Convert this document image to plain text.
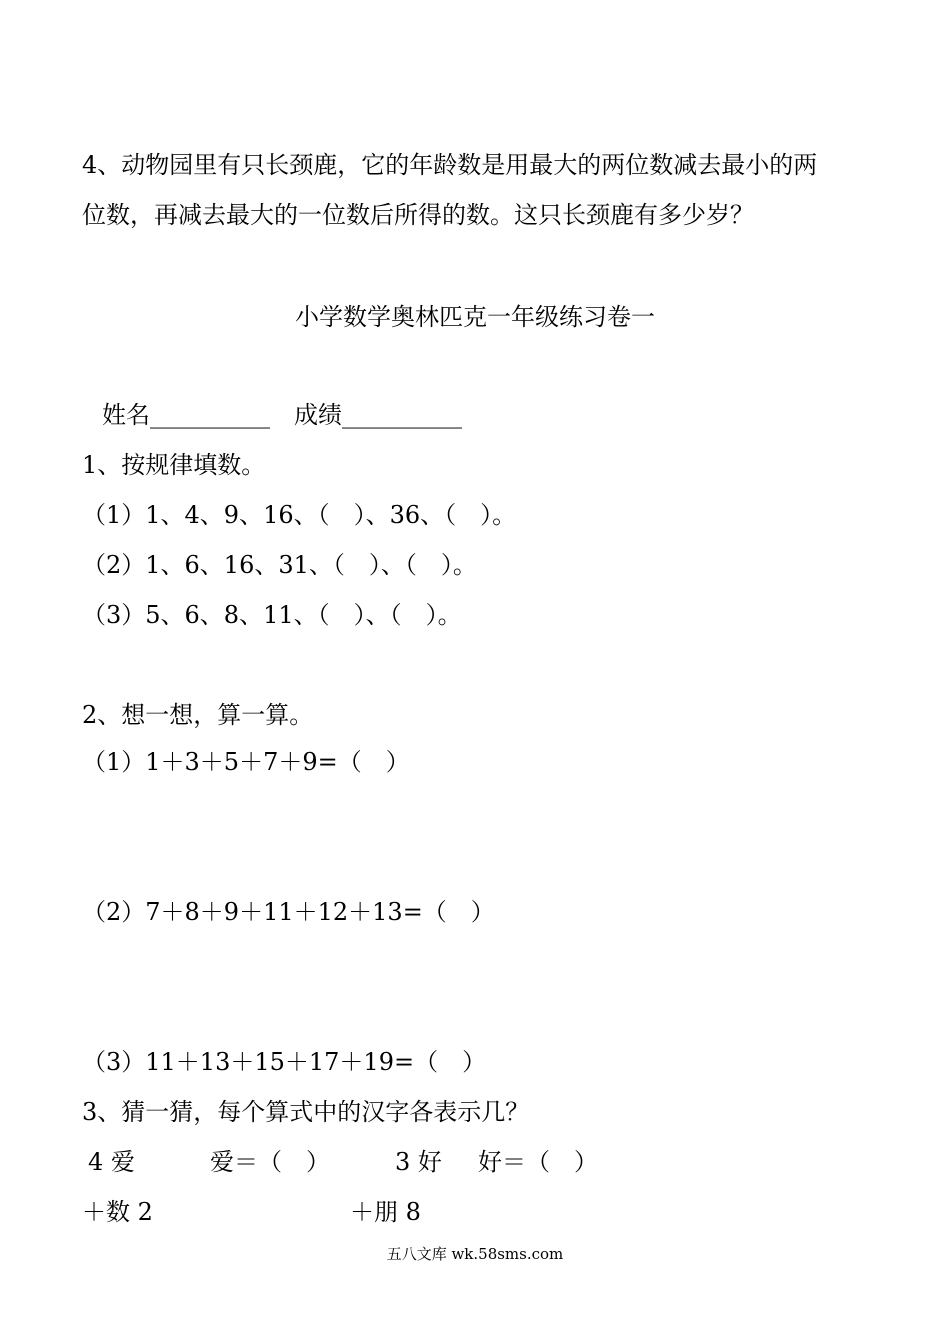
4、动物园里有只长颈鹿，它的年龄数是用最大的两位数减去最小的两
位数，再减去最大的一位数后所得的数。这只长颈鹿有多少岁？
小学数学奥林匹克一年级练习卷一
姓名__________　成绩__________
1、按规律填数。
（1）1、4、9、16、（　）、36、（　）。
（2）1、6、16、31、（　）、（　）。
（3）5、6、8、11、（　）、（　）。
2、想一想，算一算。
（1）1＋3＋5＋7＋9=（　）
（2）7＋8＋9＋11＋12＋13=（　）
（3）11＋13＋15＋17＋19=（　）
3、猜一猜，每个算式中的汉字各表示几？
4 爱	爱＝（　）	3 好 好＝（　）
＋数 2	＋朋 8
五八文库 wk.58sms.com
